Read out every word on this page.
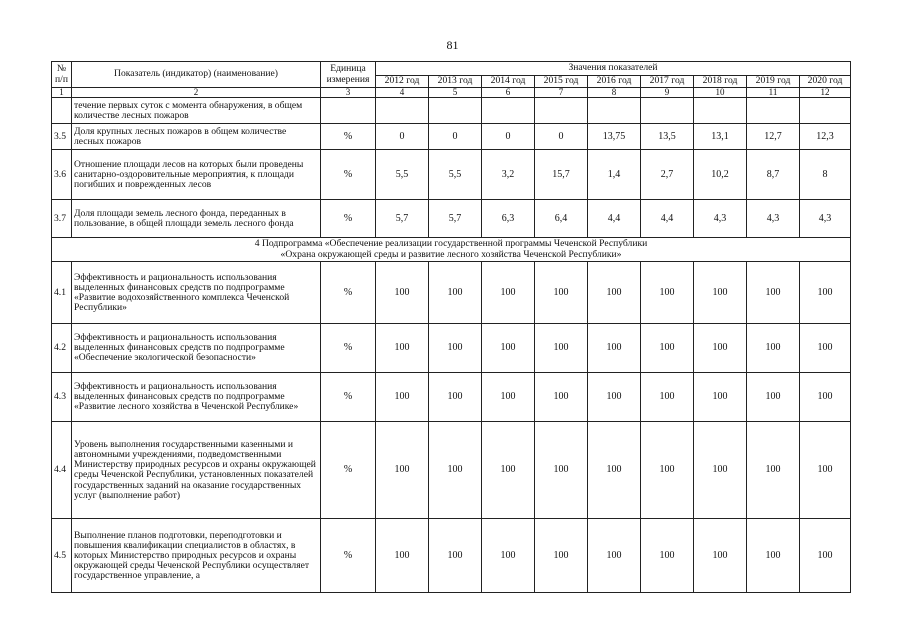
81
№ п/п	Показатель (индикатор) (наименование)	Единица измерения	Значения показателей								
			2012 год	2013 год	2014 год	2015 год	2016 год	2017 год	2018 год	2019 год	2020 год
1	2	3	4	5	6	7	8	9	10	11	12
	течение первых суток с момента обнаружения, в общем количестве лесных пожаров										
3.5	Доля крупных лесных пожаров в общем количестве лесных пожаров	%	0	0	0	0	13,75	13,5	13,1	12,7	12,3
3.6	Отношение площади лесов на которых были проведены санитарно-оздоровительные мероприятия, к площади погибших и поврежденных лесов	%	5,5	5,5	3,2	15,7	1,4	2,7	10,2	8,7	8
3.7	Доля площади земель лесного фонда, переданных в пользование, в общей площади земель лесного фонда	%	5,7	5,7	6,3	6,4	4,4	4,4	4,3	4,3	4,3

4 Подпрограмма «Обеспечение реализации государственной программы Чеченской Республики
«Охрана окружающей среды и развитие лесного хозяйства Чеченской Республики»											

4.1	Эффективность и рациональность использования выделенных финансовых средств по подпрограмме «Развитие водохозяйственного комплекса Чеченской Республики»	%	100	100	100	100	100	100	100	100	100
4.2	Эффективность и рациональность использования выделенных финансовых средств по подпрограмме «Обеспечение экологической безопасности»	%	100	100	100	100	100	100	100	100	100
4.3	Эффективность и рациональность использования выделенных финансовых средств по подпрограмме «Развитие лесного хозяйства в Чеченской Республике»	%	100	100	100	100	100	100	100	100	100
4.4	Уровень выполнения государственными казенными и автономными учреждениями, подведомственными Министерству природных ресурсов и охраны окружающей среды Чеченской Республики, установленных показателей государственных заданий на оказание государственных услуг (выполнение работ)	%	100	100	100	100	100	100	100	100	100
4.5	Выполнение планов подготовки, переподготовки и повышения квалификации специалистов в областях, в которых Министерство природных ресурсов и охраны окружающей среды Чеченской Республики осуществляет государственное управление, а	%	100	100	100	100	100	100	100	100	100
